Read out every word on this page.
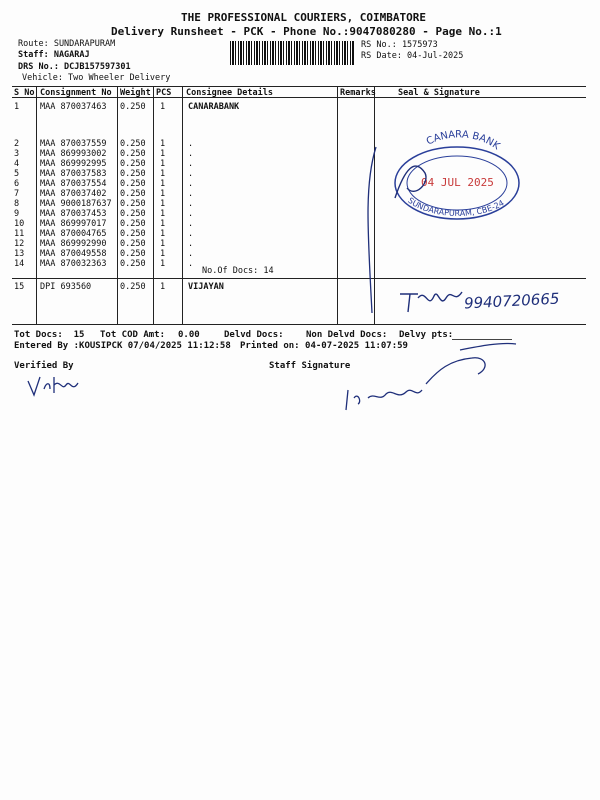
THE PROFESSIONAL COURIERS, COIMBATORE
Delivery Runsheet - PCK - Phone No.:9047080280 - Page No.:1
Route: SUNDARAPURAM
Staff: NAGARAJ
DRS No.: DCJB157597301
Vehicle: Two Wheeler Delivery
RS No.: 1575973
RS Date: 04-Jul-2025
S No Consignment No Weight PCS Consignee Details	Remarks	Seal & Signature
1 MAA 870037463 0.250 1	CANARABANK
2 MAA 870037559 0.250 1	.
3 MAA 869993002 0.250 1	.
4 MAA 869992995 0.250 1	.
5 MAA 870037583 0.250 1	.
6 MAA 870037554 0.250 1	.
7 MAA 870037402 0.250 1	.
8 MAA 9000187637 0.250 1	.
9 MAA 870037453 0.250 1	.
10 MAA 869997017 0.250 1	.
11 MAA 870004765 0.250 1	.
12 MAA 869992990 0.250 1	.
13 MAA 870049558 0.250 1	.
14 MAA 870032363 0.250 1	.
15 DPI 693560	0.250 1	VIJAYAN
No.Of Docs: 14
CANARA BANK
SUNDARAPURAM, CBE-24
04 JUL 2025
9940720665
Tot Docs:  15 Tot COD Amt: 0.00	Delvd Docs: Non Delvd Docs: Delvy pts:
Entered By :KOUSIPCK 07/04/2025 11:12:58 Printed on: 04-07-2025 11:07:59
Verified By	Staff Signature
